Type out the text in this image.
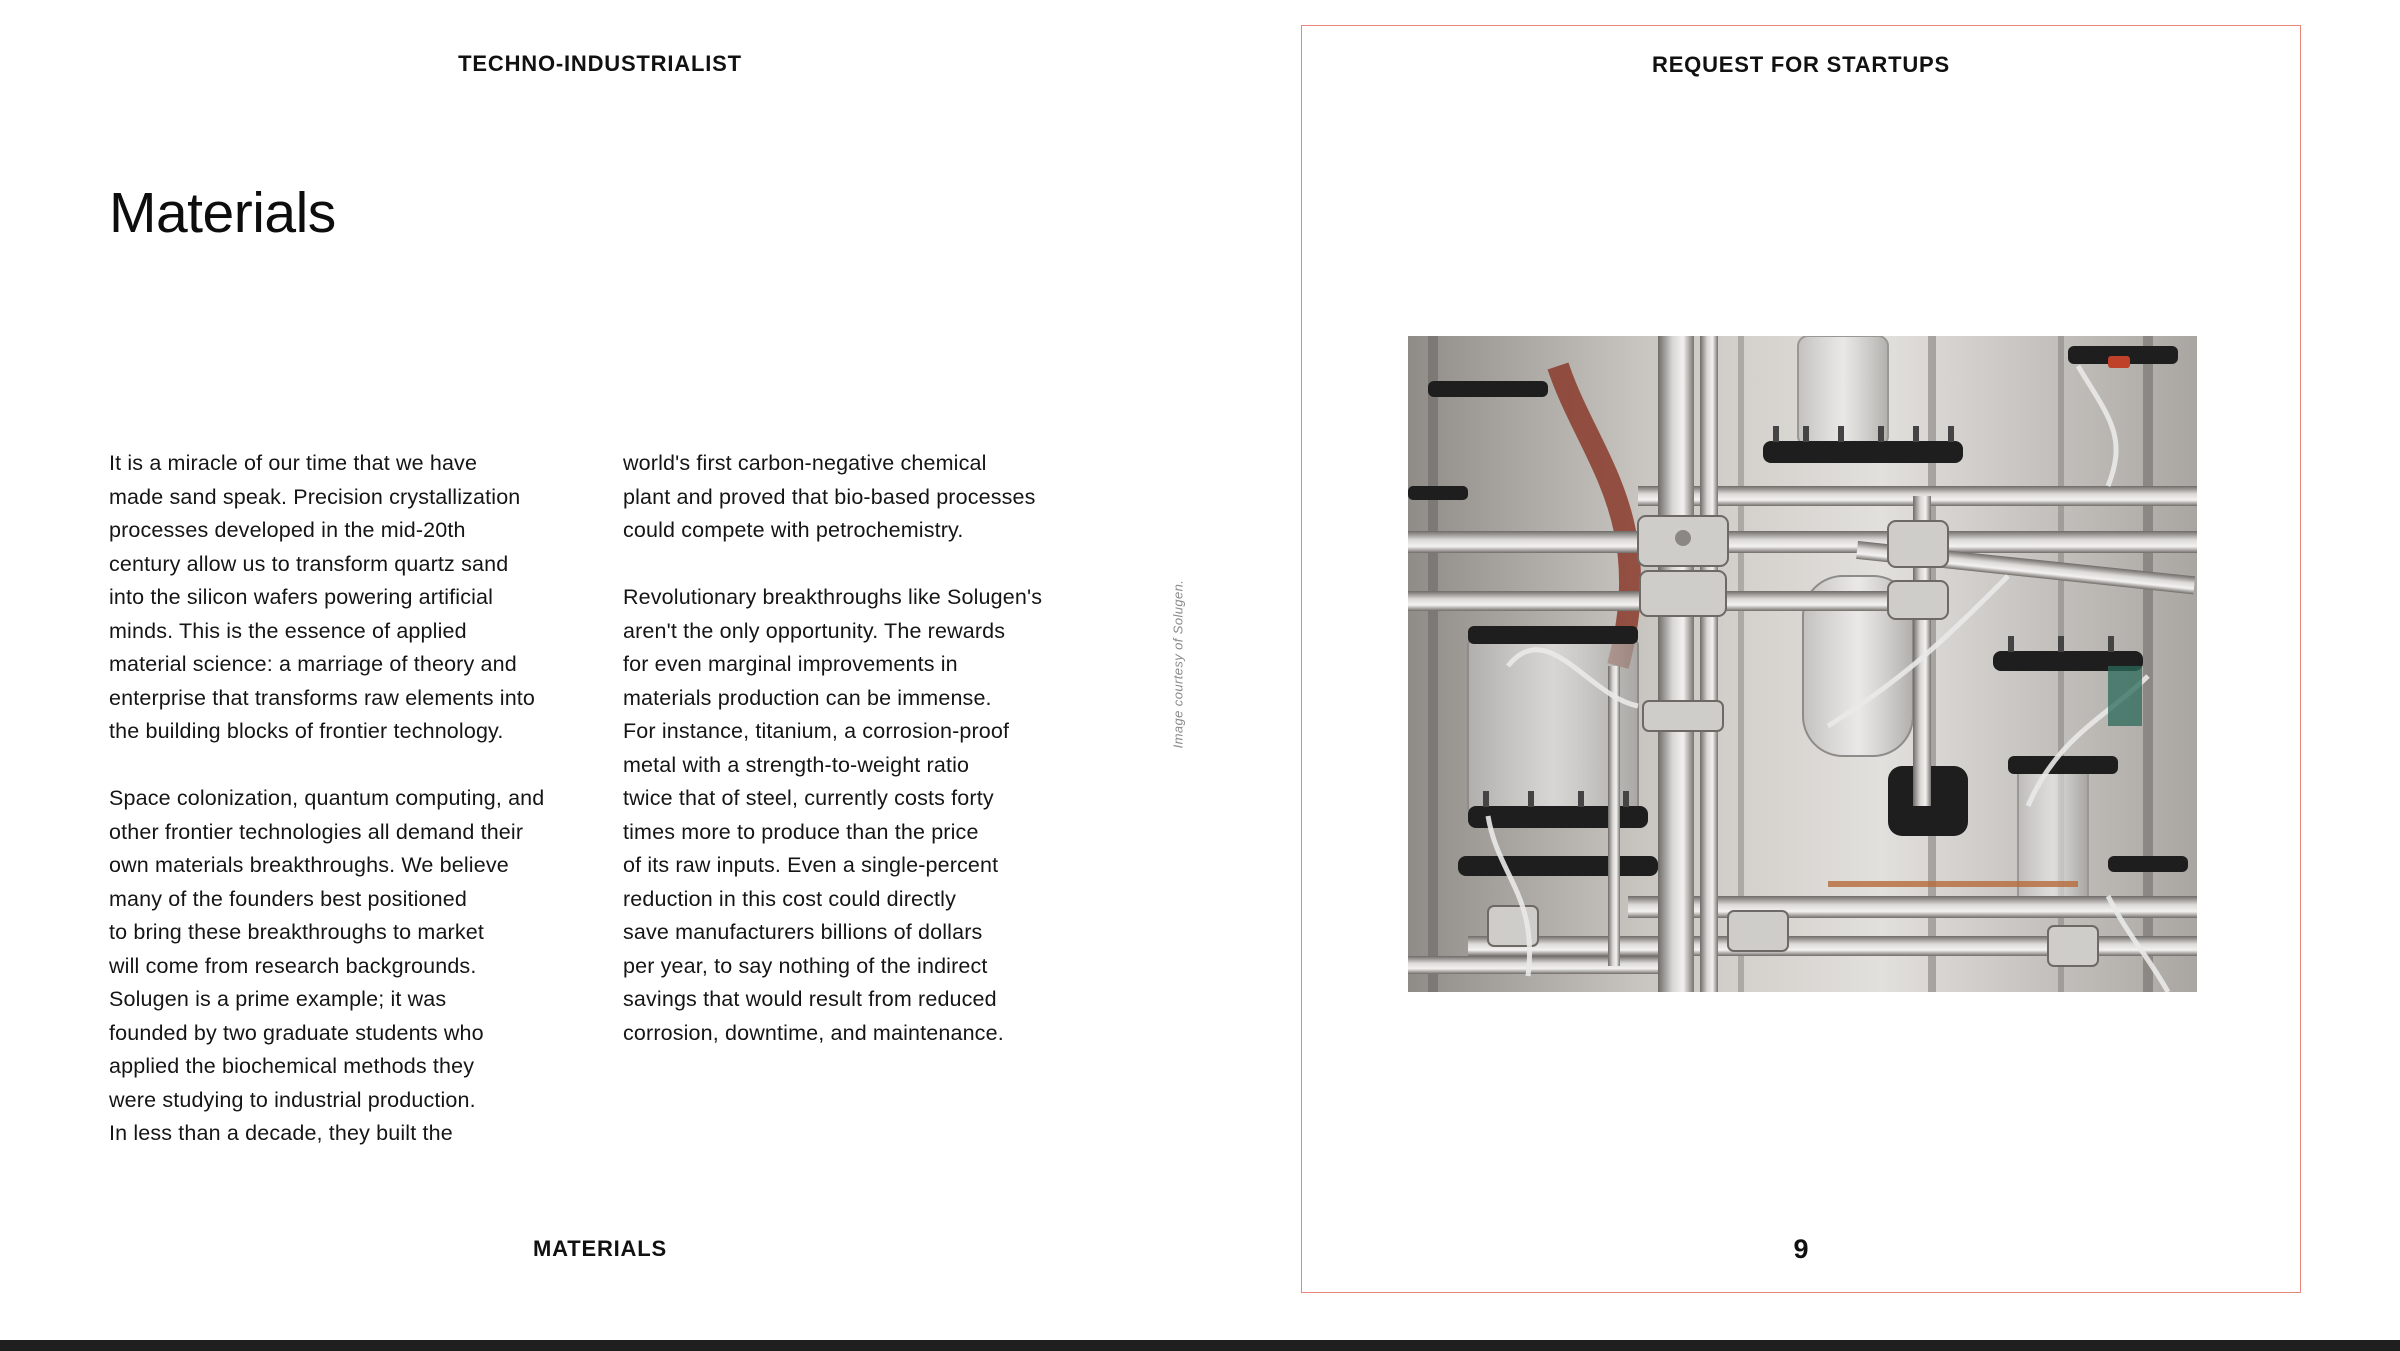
TECHNO-INDUSTRIALIST
Materials

It is a miracle of our time that we have
made sand speak. Precision crystallization
processes developed in the mid-20th
century allow us to transform quartz sand
into the silicon wafers powering artificial
minds. This is the essence of applied
material science: a marriage of theory and
enterprise that transforms raw elements into
the building blocks of frontier technology.

Space colonization, quantum computing, and
other frontier technologies all demand their
own materials breakthroughs. We believe
many of the founders best positioned
to bring these breakthroughs to market
will come from research backgrounds.
Solugen is a prime example; it was
founded by two graduate students who
applied the biochemical methods they
were studying to industrial production.
In less than a decade, they built the

world's first carbon-negative chemical
plant and proved that bio-based processes
could compete with petrochemistry.

Revolutionary breakthroughs like Solugen's
aren't the only opportunity. The rewards
for even marginal improvements in
materials production can be immense.
For instance, titanium, a corrosion-proof
metal with a strength-to-weight ratio
twice that of steel, currently costs forty
times more to produce than the price
of its raw inputs. Even a single-percent
reduction in this cost could directly
save manufacturers billions of dollars
per year, to say nothing of the indirect
savings that would result from reduced
corrosion, downtime, and maintenance.

Image courtesy of Solugen.
MATERIALS
REQUEST FOR STARTUPS
9
